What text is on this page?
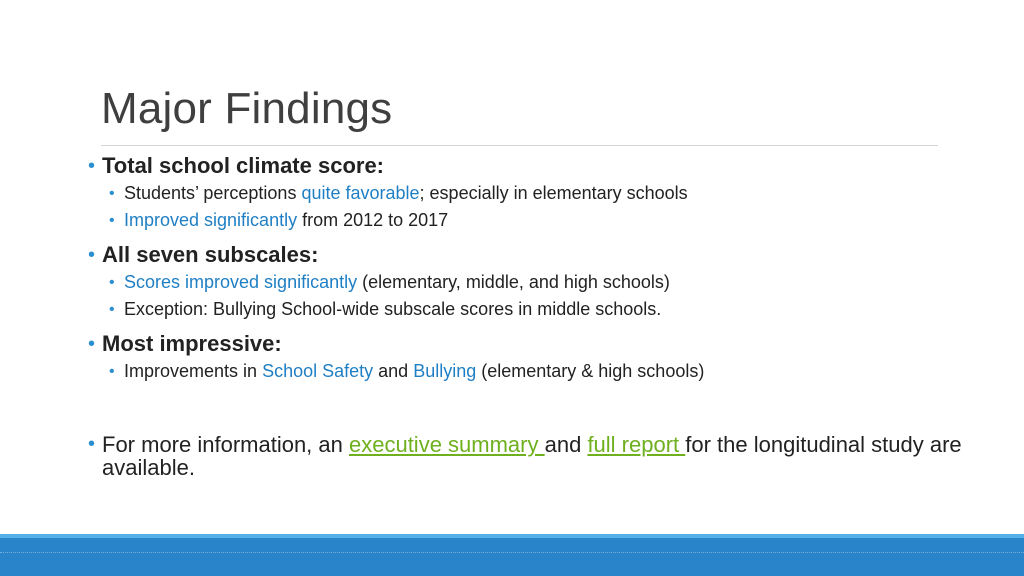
Major Findings
• Total school climate score:
• Students’ perceptions quite favorable; especially in elementary schools
• Improved significantly from 2012 to 2017
• All seven subscales:
• Scores improved significantly (elementary, middle, and high schools)
• Exception: Bullying School-wide subscale scores in middle schools.
• Most impressive:
• Improvements in School Safety and Bullying (elementary & high schools)
• For more information, an executive summary and full report for the longitudinal study are available.
